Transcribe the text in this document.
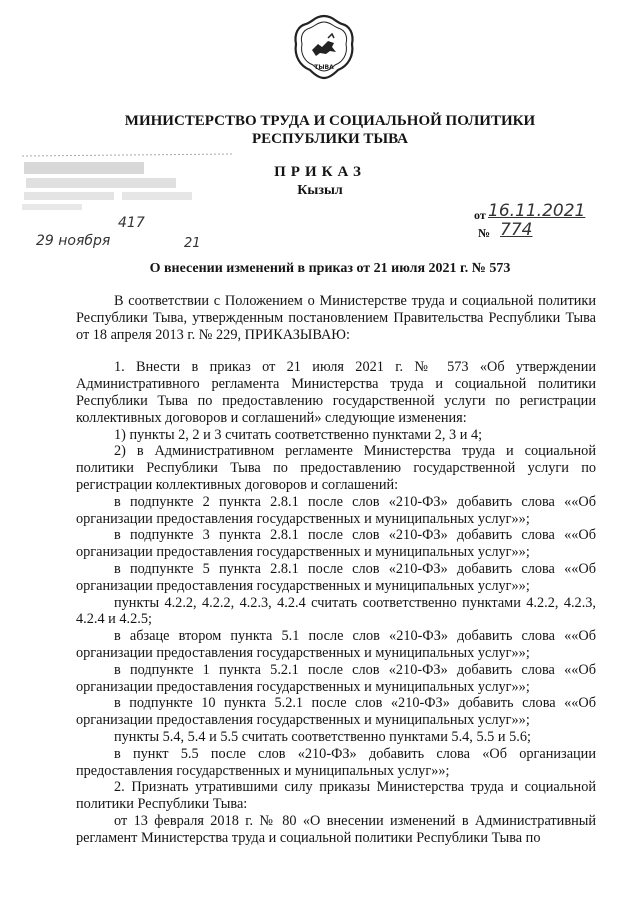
ТЫВА
МИНИСТЕРСТВО ТРУДА И СОЦИАЛЬНОЙ ПОЛИТИКИ
РЕСПУБЛИКИ ТЫВА
ПРИКАЗ
Кызыл
417
29 ноября	21
от 16.11.2021
№ 774
О внесении изменений в приказ от 21 июля 2021 г. № 573

В соответствии с Положением о Министерстве труда и социальной политики Республики Тыва, утвержденным постановлением Правительства Республики Тыва от 18 апреля 2013 г. № 229, ПРИКАЗЫВАЮ:

1. Внести в приказ от 21 июля 2021 г. № 573 «Об утверждении Административного регламента Министерства труда и социальной политики Республики Тыва по предоставлению государственной услуги по регистрации коллективных договоров и соглашений» следующие изменения:

1) пункты 2, 2 и 3 считать соответственно пунктами 2, 3 и 4;

2) в Административном регламенте Министерства труда и социальной политики Республики Тыва по предоставлению государственной услуги по регистрации коллективных договоров и соглашений:

в подпункте 2 пункта 2.8.1 после слов «210-ФЗ» добавить слова ««Об организации предоставления государственных и муниципальных услуг»»;

в подпункте 3 пункта 2.8.1 после слов «210-ФЗ» добавить слова ««Об организации предоставления государственных и муниципальных услуг»»;

в подпункте 5 пункта 2.8.1 после слов «210-ФЗ» добавить слова ««Об организации предоставления государственных и муниципальных услуг»»;

пункты 4.2.2, 4.2.2, 4.2.3, 4.2.4 считать соответственно пунктами 4.2.2, 4.2.3, 4.2.4 и 4.2.5;

в абзаце втором пункта 5.1 после слов «210-ФЗ» добавить слова ««Об организации предоставления государственных и муниципальных услуг»»;

в подпункте 1 пункта 5.2.1 после слов «210-ФЗ» добавить слова ««Об организации предоставления государственных и муниципальных услуг»»;

в подпункте 10 пункта 5.2.1 после слов «210-ФЗ» добавить слова ««Об организации предоставления государственных и муниципальных услуг»»;

пункты 5.4, 5.4 и 5.5 считать соответственно пунктами 5.4, 5.5 и 5.6;

в пункт 5.5 после слов «210-ФЗ» добавить слова «Об организации предоставления государственных и муниципальных услуг»»;

2. Признать утратившими силу приказы Министерства труда и социальной политики Республики Тыва:

от 13 февраля 2018 г. № 80 «О внесении изменений в Административный регламент Министерства труда и социальной политики Республики Тыва по
